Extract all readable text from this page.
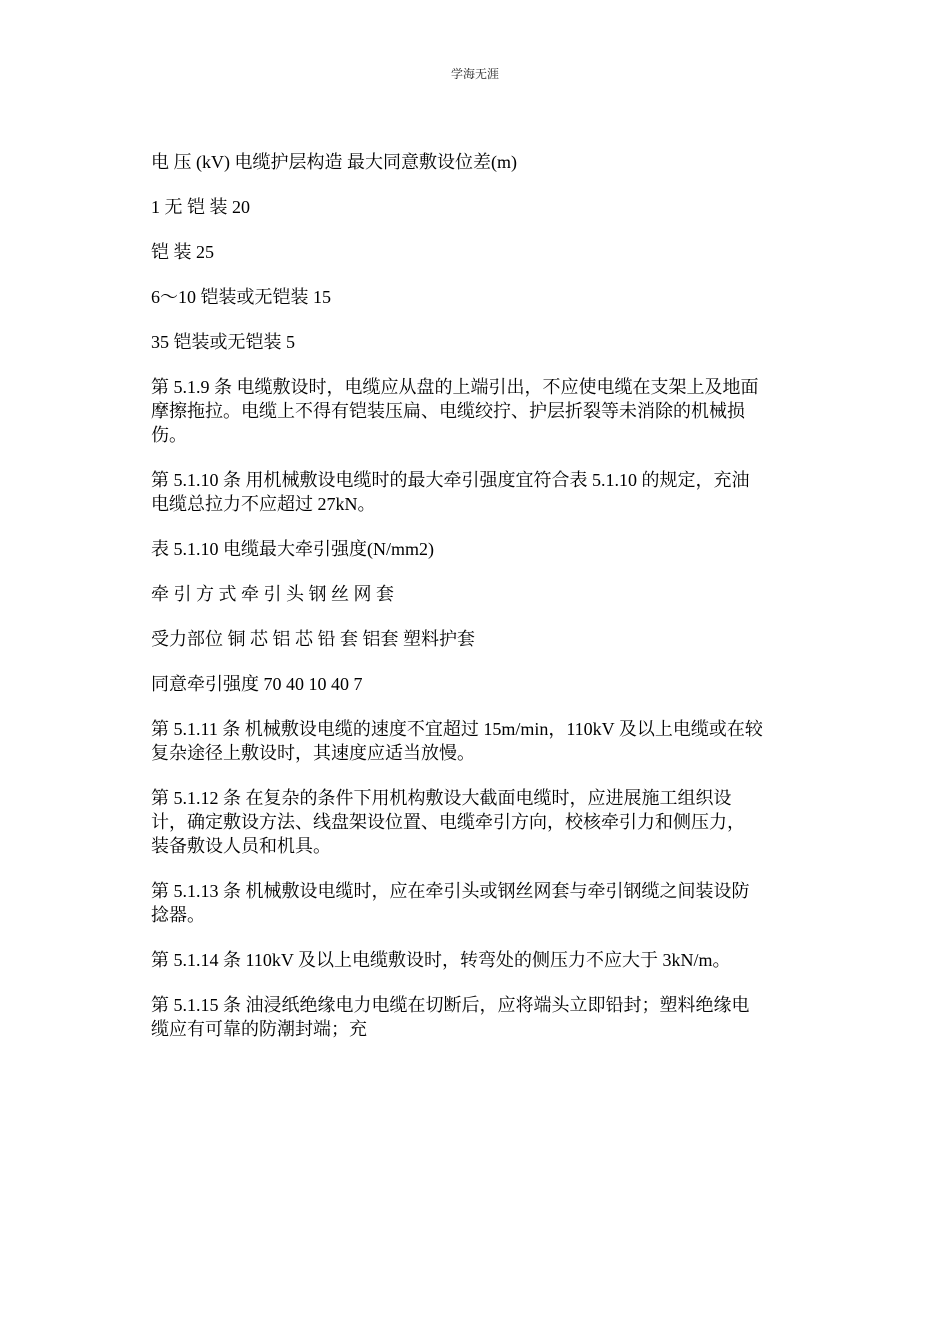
学海无涯

电 压 (kV) 电缆护层构造 最大同意敷设位差(m)

1 无 铠 装 20

铠 装 25

6～10 铠装或无铠装 15

35 铠装或无铠装 5

第 5.1.9 条 电缆敷设时，电缆应从盘的上端引出，不应使电缆在支架上及地面
摩擦拖拉。电缆上不得有铠装压扁、电缆绞拧、护层折裂等未消除的机械损
伤。

第 5.1.10 条 用机械敷设电缆时的最大牵引强度宜符合表 5.1.10 的规定，充油
电缆总拉力不应超过 27kN。

表 5.1.10 电缆最大牵引强度(N/mm2)

牵 引 方 式 牵 引 头 钢 丝 网 套

受力部位 铜 芯 铝 芯 铅 套 铝套 塑料护套

同意牵引强度 70 40 10 40 7

第 5.1.11 条 机械敷设电缆的速度不宜超过 15m/min，110kV 及以上电缆或在较
复杂途径上敷设时，其速度应适当放慢。

第 5.1.12 条 在复杂的条件下用机构敷设大截面电缆时，应进展施工组织设
计，确定敷设方法、线盘架设位置、电缆牵引方向，校核牵引力和侧压力，
装备敷设人员和机具。

第 5.1.13 条 机械敷设电缆时，应在牵引头或钢丝网套与牵引钢缆之间装设防
捻器。

第 5.1.14 条 110kV 及以上电缆敷设时，转弯处的侧压力不应大于 3kN/m。

第 5.1.15 条 油浸纸绝缘电力电缆在切断后，应将端头立即铅封；塑料绝缘电
缆应有可靠的防潮封端；充
